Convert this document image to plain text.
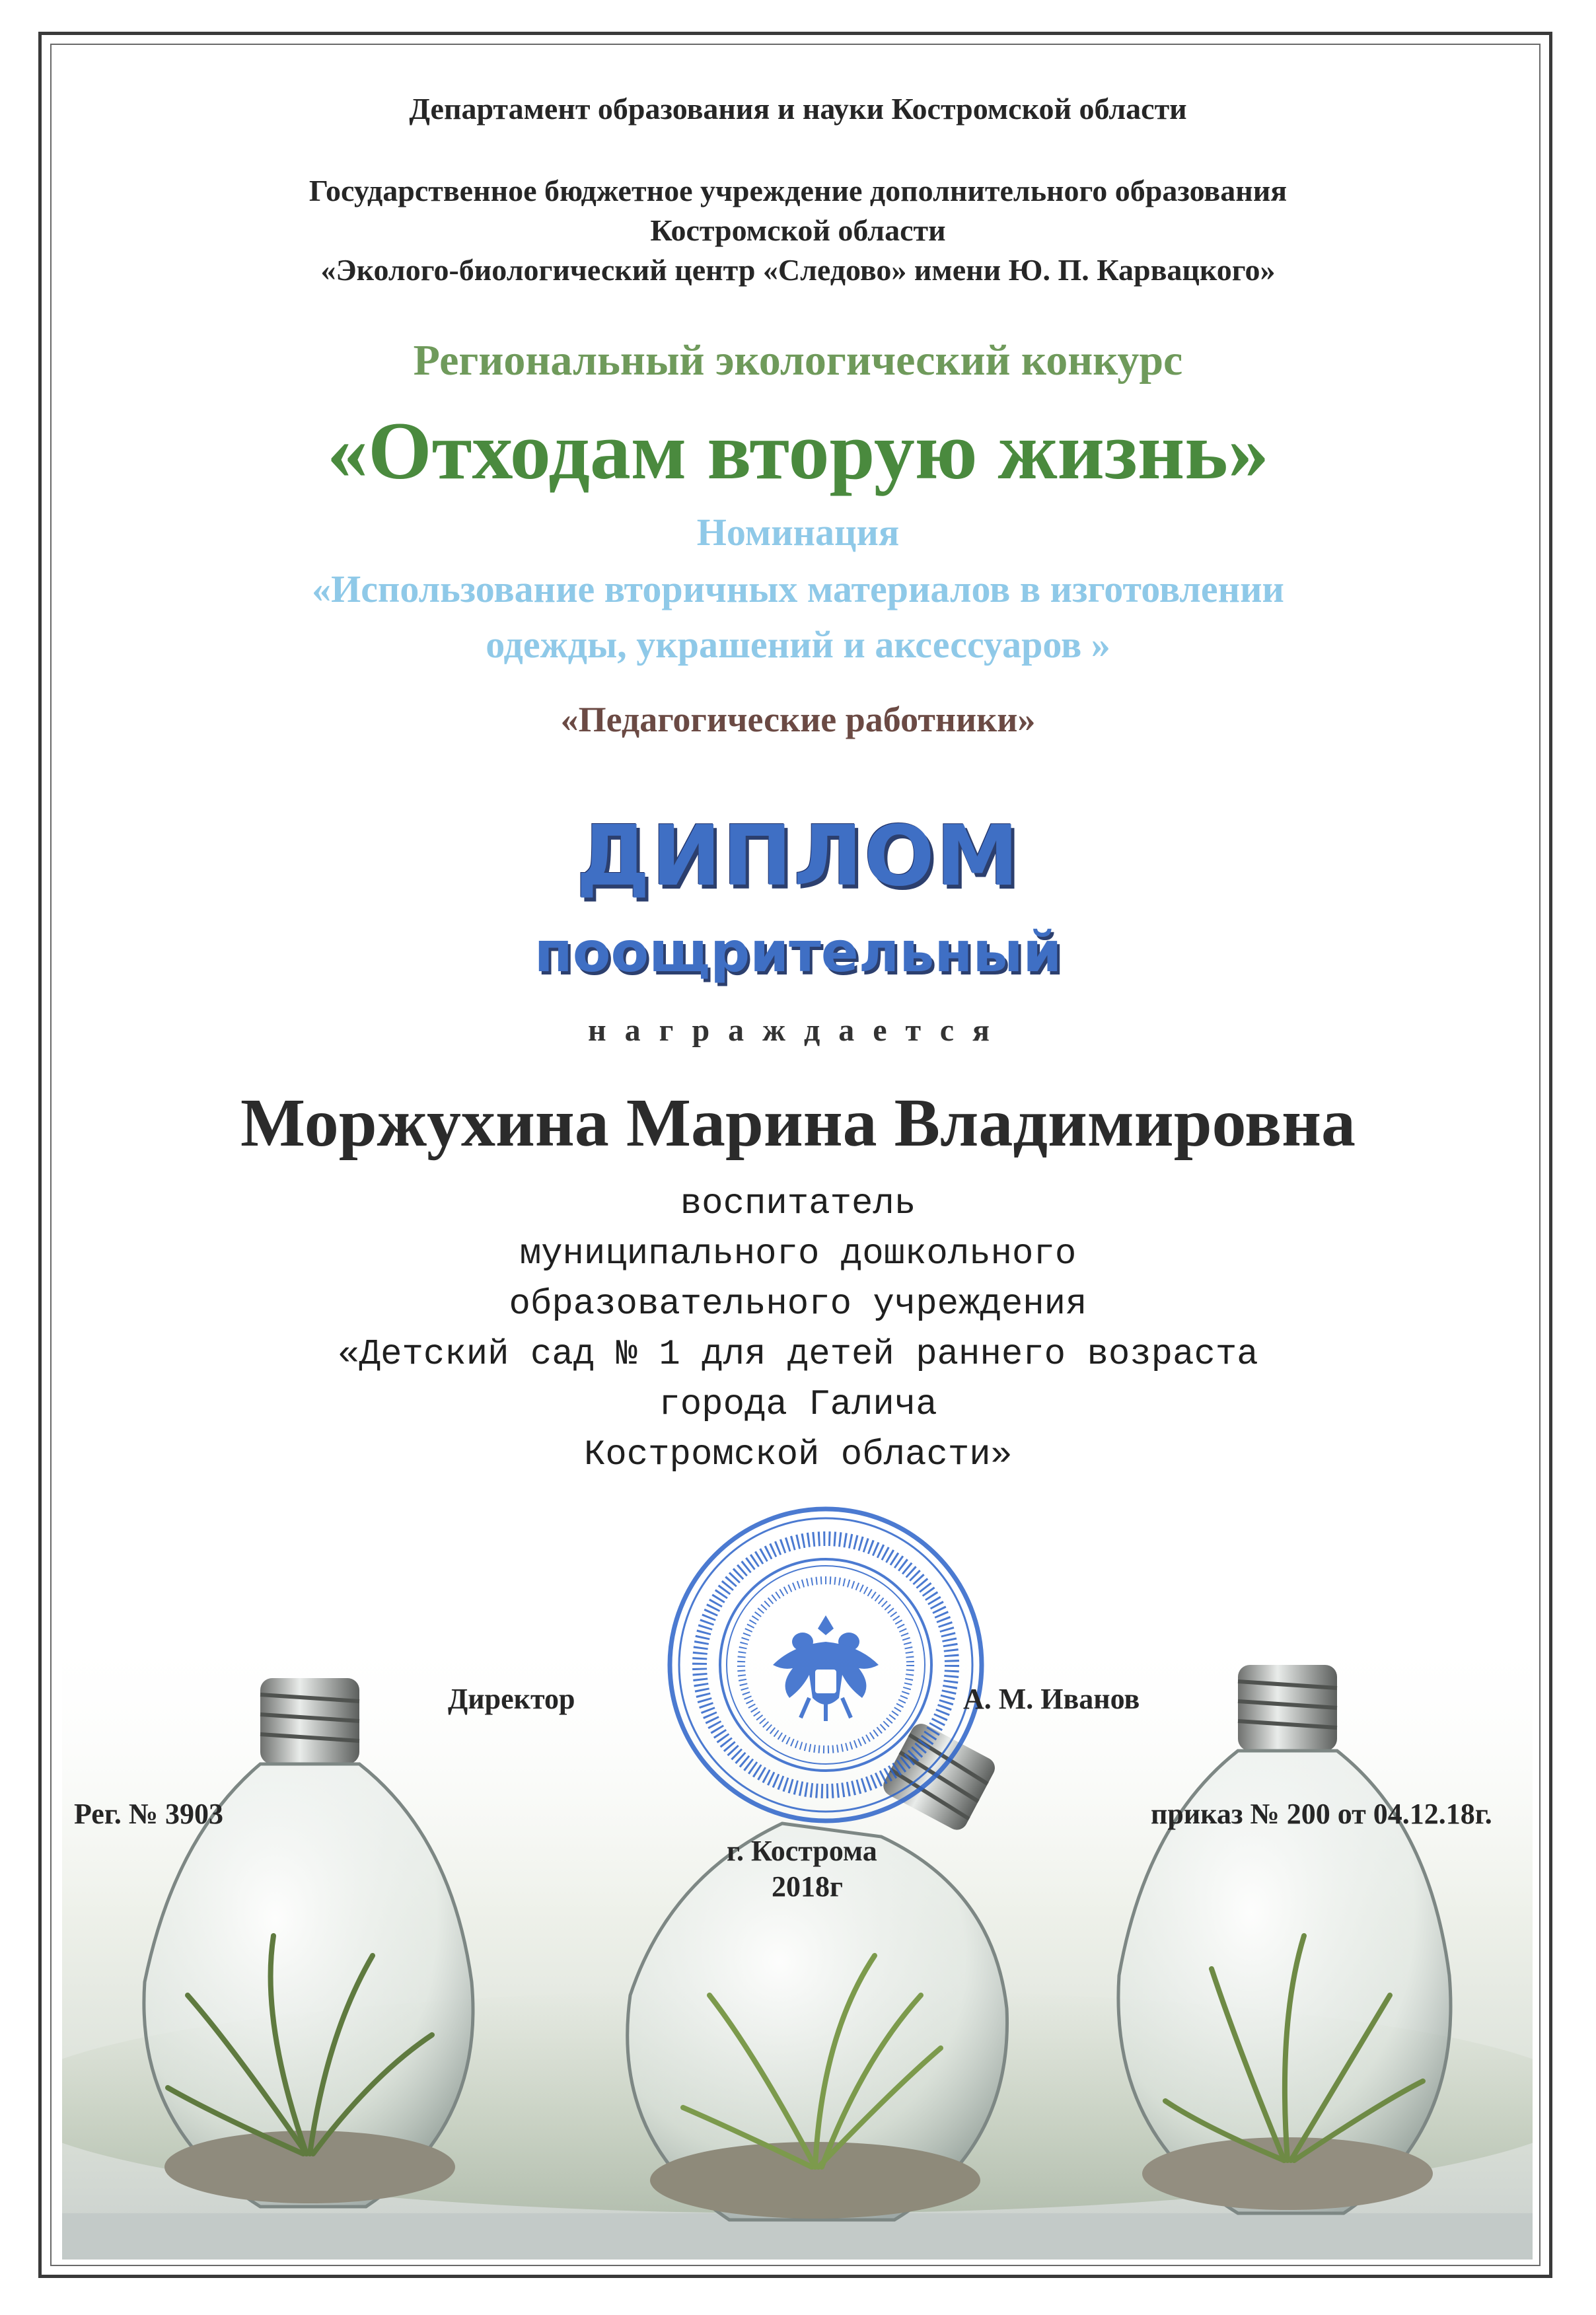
Департамент образования и науки Костромской области
Государственное бюджетное учреждение дополнительного образования
Костромской области
«Эколого-биологический центр «Следово» имени Ю. П. Карвацкого»
Региональный экологический конкурс
«Отходам вторую жизнь»
Номинация
«Использование вторичных материалов в изготовлении
одежды, украшений и аксессуаров »
«Педагогические работники»
ДИПЛОМ
поощрительный
награждается
Моржухина Марина Владимировна
воспитатель
муниципального дошкольного
образовательного учреждения
«Детский сад № 1 для детей раннего возраста
города Галича
Костромской области»
Директор	А. М. Иванов
Рег. № 3903	приказ № 200 от 04.12.18г.
г. Кострома
2018г
